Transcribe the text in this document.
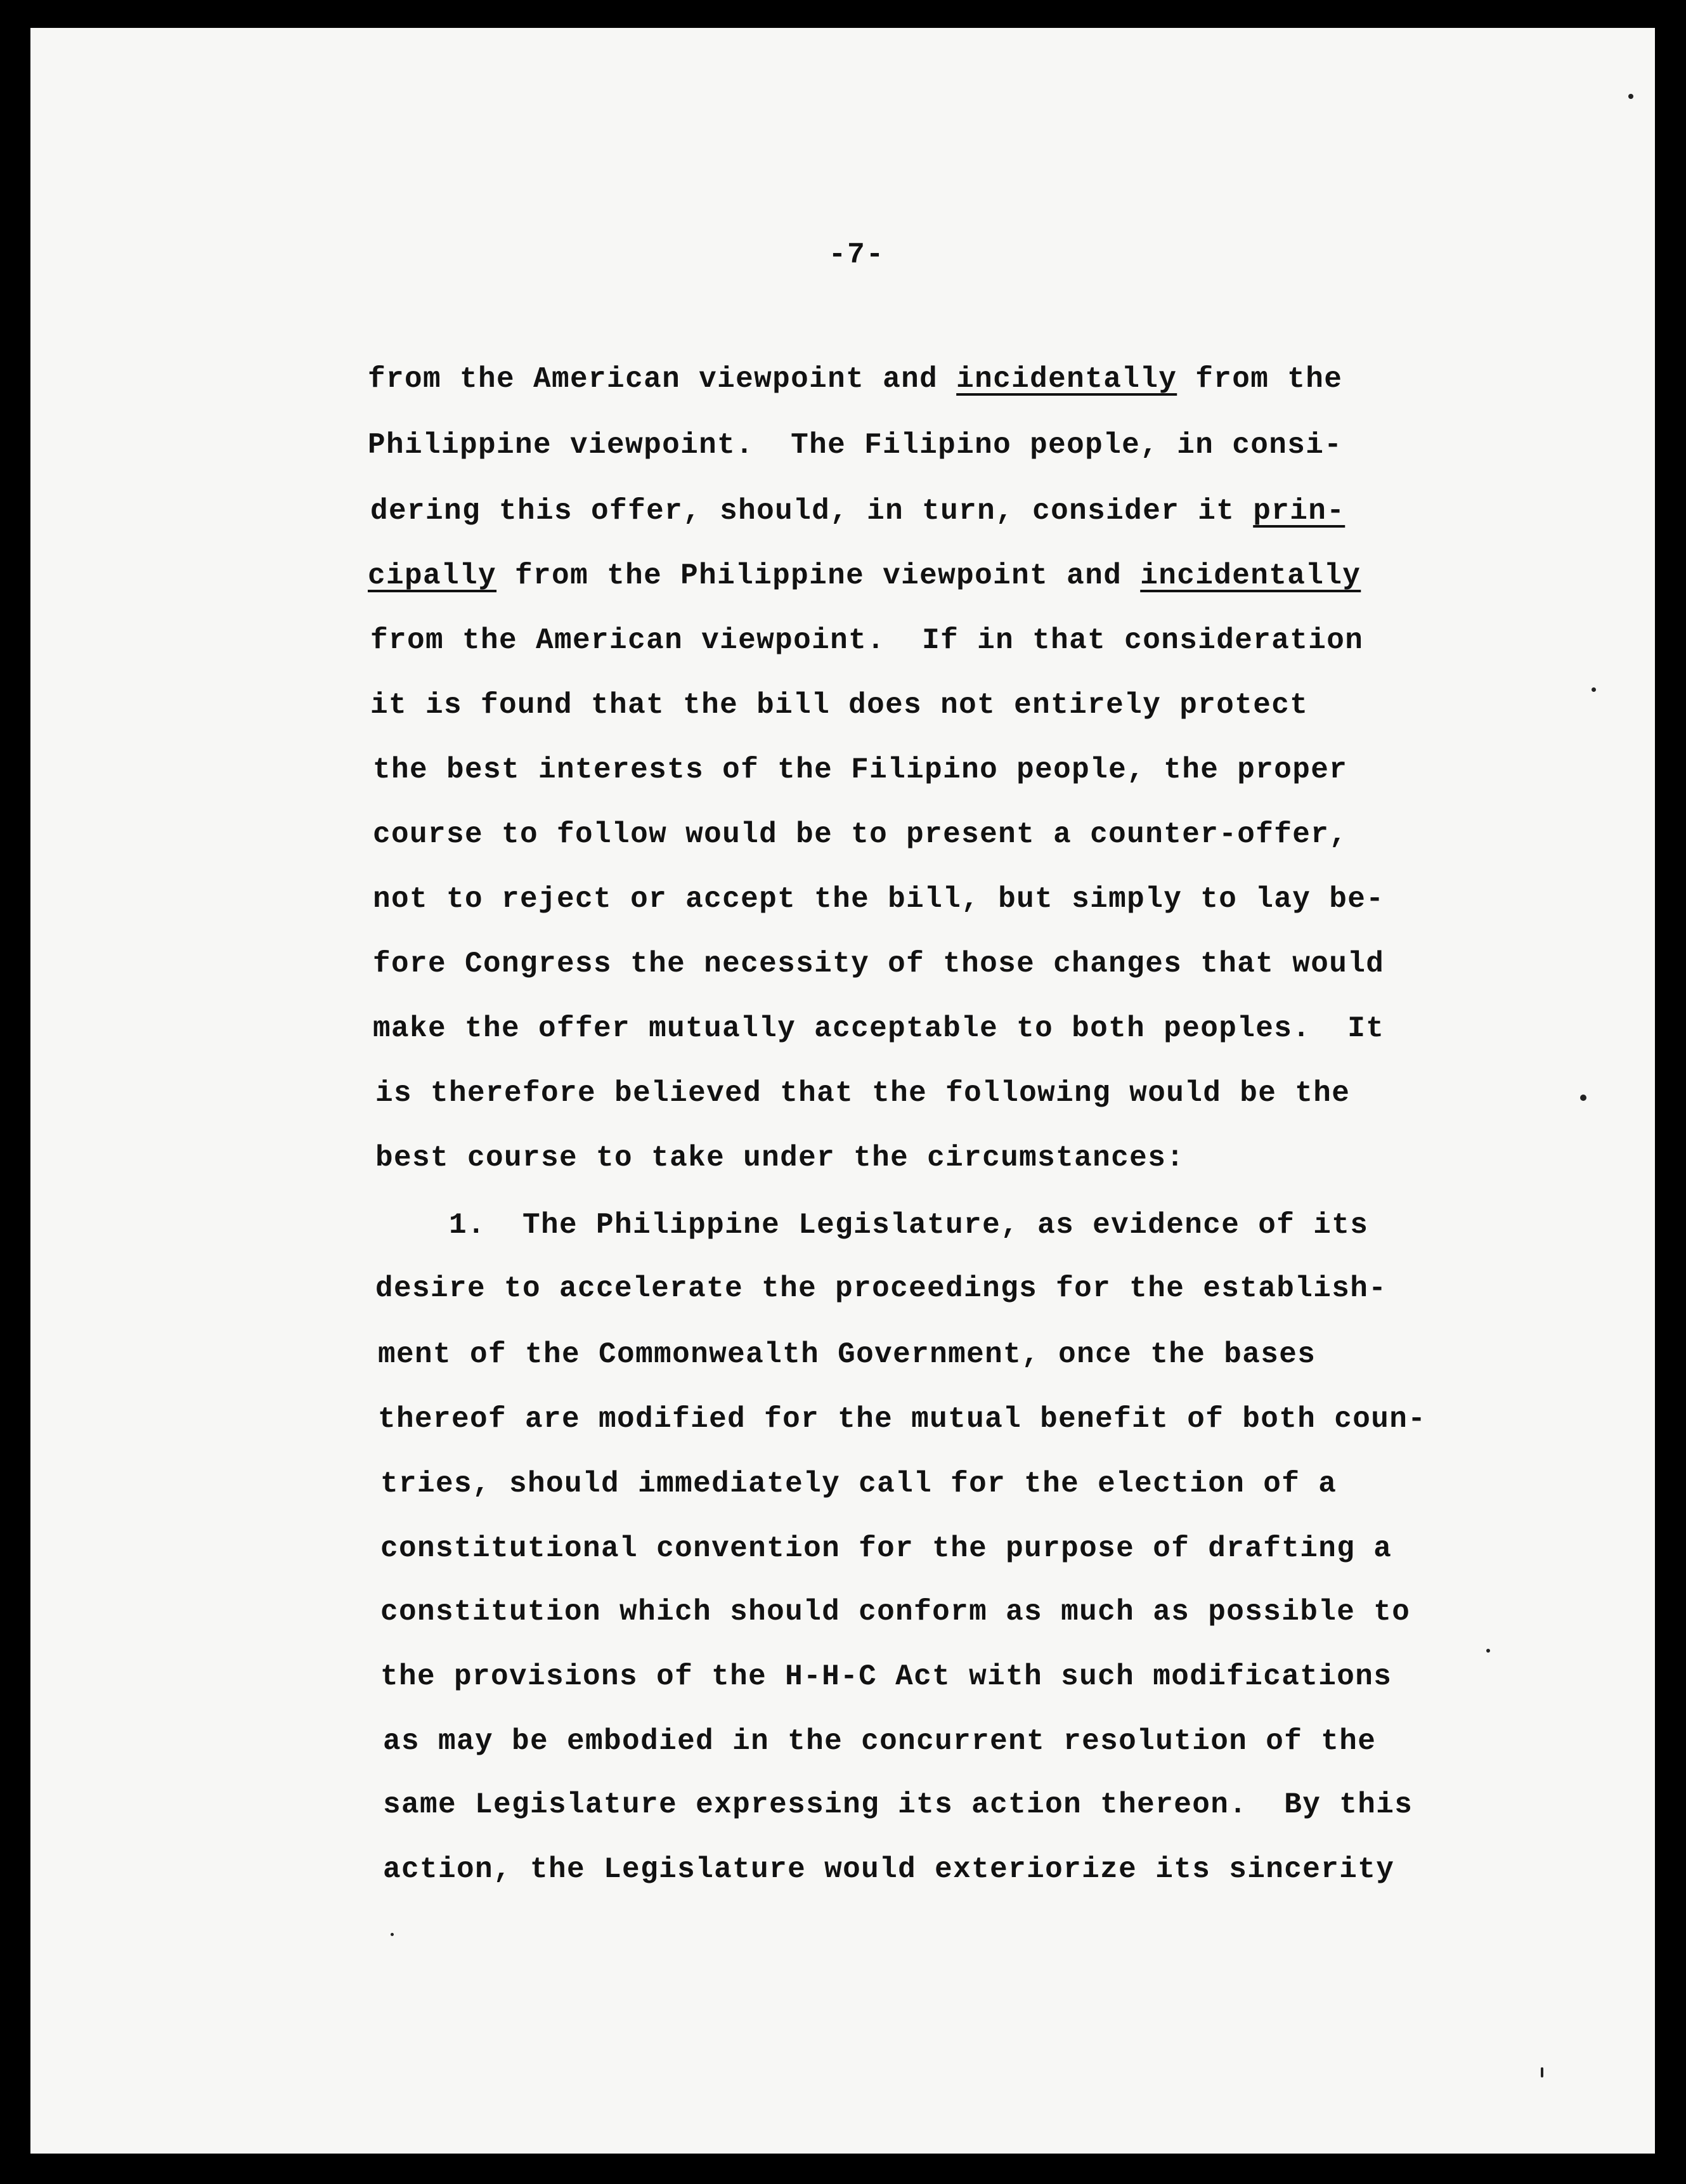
-7-
from the American viewpoint and incidentally from the
Philippine viewpoint.  The Filipino people, in consi-
dering this offer, should, in turn, consider it prin-
cipally from the Philippine viewpoint and incidentally
from the American viewpoint.  If in that consideration
it is found that the bill does not entirely protect
the best interests of the Filipino people, the proper
course to follow would be to present a counter-offer,
not to reject or accept the bill, but simply to lay be-
fore Congress the necessity of those changes that would
make the offer mutually acceptable to both peoples.  It
is therefore believed that the following would be the
best course to take under the circumstances:
1.  The Philippine Legislature, as evidence of its
desire to accelerate the proceedings for the establish-
ment of the Commonwealth Government, once the bases
thereof are modified for the mutual benefit of both coun-
tries, should immediately call for the election of a
constitutional convention for the purpose of drafting a
constitution which should conform as much as possible to
the provisions of the H-H-C Act with such modifications
as may be embodied in the concurrent resolution of the
same Legislature expressing its action thereon.  By this
action, the Legislature would exteriorize its sincerity
